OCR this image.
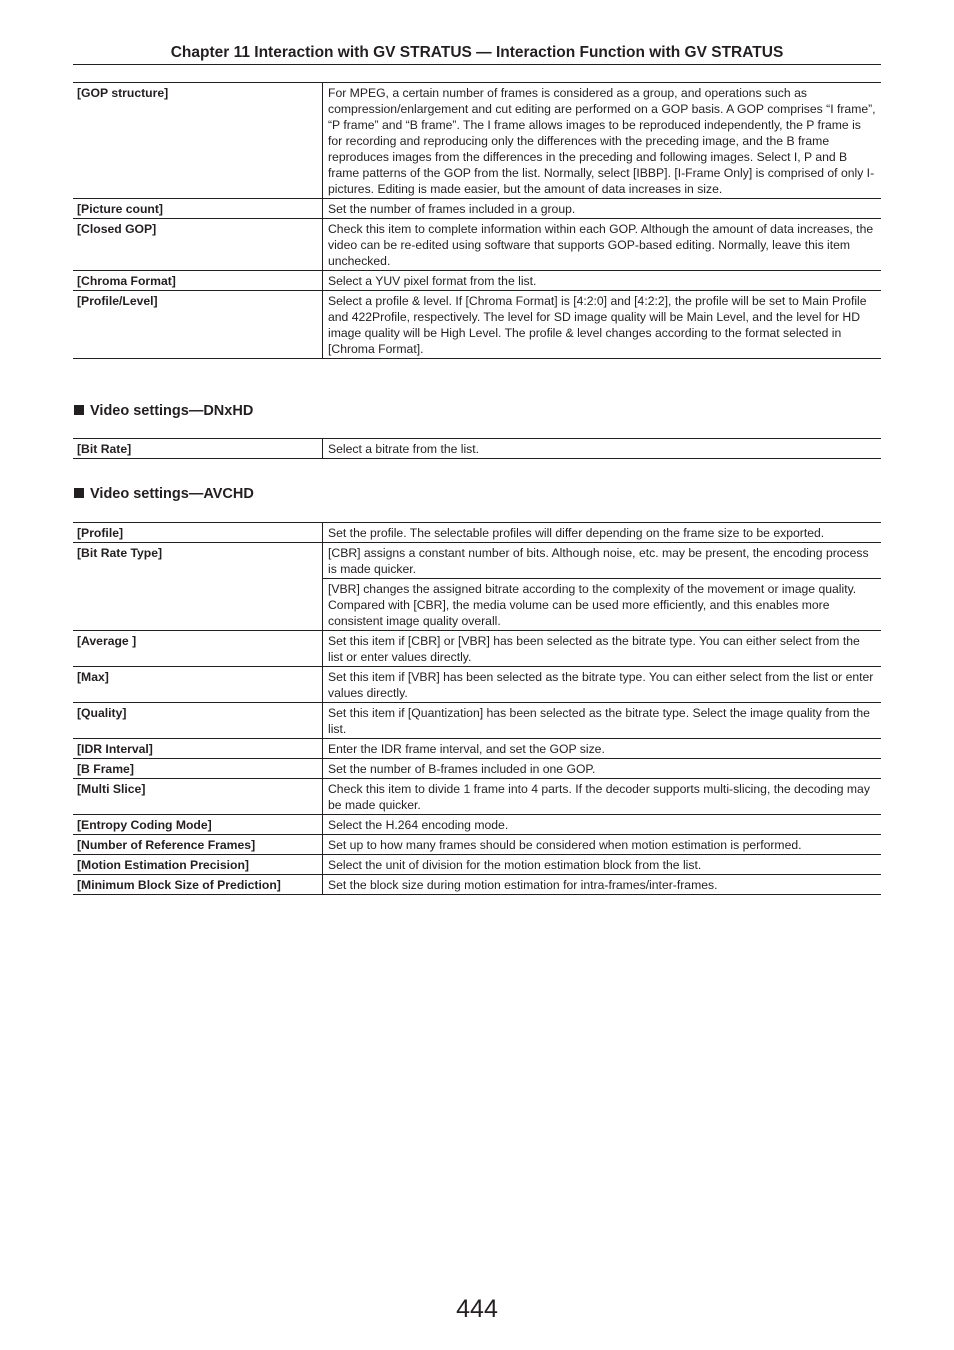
Chapter 11 Interaction with GV STRATUS — Interaction Function with GV STRATUS
[GOP structure]	For MPEG, a certain number of frames is considered as a group, and operations such as compression/enlargement and cut editing are performed on a GOP basis. A GOP comprises “I frame”, “P frame” and “B frame”. The I frame allows images to be reproduced independently, the P frame is for recording and reproducing only the differences with the preceding image, and the B frame reproduces images from the differences in the preceding and following images. Select I, P and B frame patterns of the GOP from the list. Normally, select [IBBP]. [I-Frame Only] is comprised of only I-pictures. Editing is made easier, but the amount of data increases in size.
[Picture count]	Set the number of frames included in a group.
[Closed GOP]	Check this item to complete information within each GOP. Although the amount of data increases, the video can be re-edited using software that supports GOP-based editing. Normally, leave this item unchecked.
[Chroma Format]	Select a YUV pixel format from the list.
[Profile/Level]	Select a profile & level. If [Chroma Format] is [4:2:0] and [4:2:2], the profile will be set to Main Profile and 422Profile, respectively. The level for SD image quality will be Main Level, and the level for HD image quality will be High Level. The profile & level changes according to the format selected in [Chroma Format].
Video settings—DNxHD
[Bit Rate]	Select a bitrate from the list.
Video settings—AVCHD
[Profile]	Set the profile. The selectable profiles will differ depending on the frame size to be exported.
[Bit Rate Type]	[CBR] assigns a constant number of bits. Although noise, etc. may be present, the encoding process is made quicker.
	[VBR] changes the assigned bitrate according to the complexity of the movement or image quality. Compared with [CBR], the media volume can be used more efficiently, and this enables more consistent image quality overall.
[Average ]	Set this item if [CBR] or [VBR] has been selected as the bitrate type. You can either select from the list or enter values directly.
[Max]	Set this item if [VBR] has been selected as the bitrate type. You can either select from the list or enter values directly.
[Quality]	Set this item if [Quantization] has been selected as the bitrate type. Select the image quality from the list.
[IDR Interval]	Enter the IDR frame interval, and set the GOP size.
[B Frame]	Set the number of B-frames included in one GOP.
[Multi Slice]	Check this item to divide 1 frame into 4 parts. If the decoder supports multi-slicing, the decoding may be made quicker.
[Entropy Coding Mode]	Select the H.264 encoding mode.
[Number of Reference Frames]	Set up to how many frames should be considered when motion estimation is performed.
[Motion Estimation Precision]	Select the unit of division for the motion estimation block from the list.
[Minimum Block Size of Prediction]	Set the block size during motion estimation for intra-frames/inter-frames.
444
